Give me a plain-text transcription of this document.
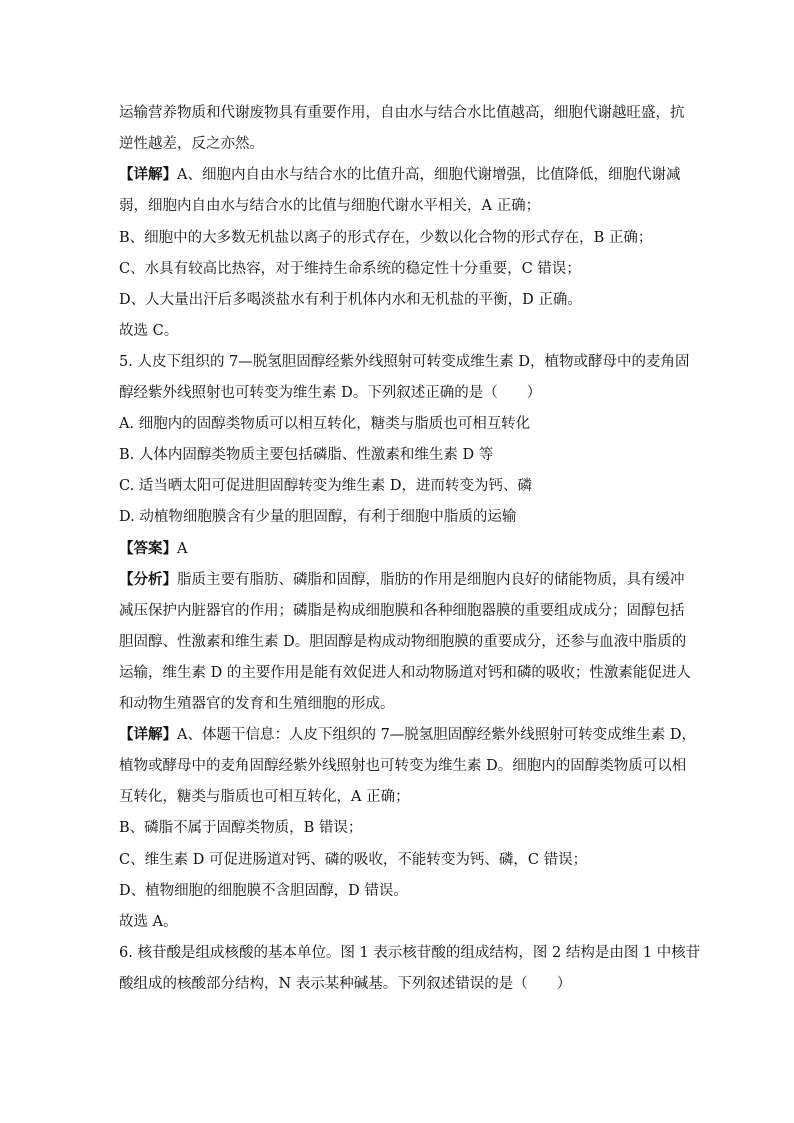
运输营养物质和代谢废物具有重要作用，自由水与结合水比值越高，细胞代谢越旺盛，抗
逆性越差，反之亦然。
【详解】A、细胞内自由水与结合水的比值升高，细胞代谢增强，比值降低，细胞代谢减
弱，细胞内自由水与结合水的比值与细胞代谢水平相关，A 正确；
B、细胞中的大多数无机盐以离子的形式存在，少数以化合物的形式存在，B 正确；
C、水具有较高比热容，对于维持生命系统的稳定性十分重要，C 错误；
D、人大量出汗后多喝淡盐水有利于机体内水和无机盐的平衡，D 正确。
故选 C。
5. 人皮下组织的 7—脱氢胆固醇经紫外线照射可转变成维生素 D，植物或酵母中的麦角固
醇经紫外线照射也可转变为维生素 D。下列叙述正确的是（　　）
A. 细胞内的固醇类物质可以相互转化，糖类与脂质也可相互转化
B. 人体内固醇类物质主要包括磷脂、性激素和维生素 D 等
C. 适当晒太阳可促进胆固醇转变为维生素 D，进而转变为钙、磷
D. 动植物细胞膜含有少量的胆固醇，有利于细胞中脂质的运输
【答案】A
【分析】脂质主要有脂肪、磷脂和固醇，脂肪的作用是细胞内良好的储能物质，具有缓冲
减压保护内脏器官的作用；磷脂是构成细胞膜和各种细胞器膜的重要组成成分；固醇包括
胆固醇、性激素和维生素 D。胆固醇是构成动物细胞膜的重要成分，还参与血液中脂质的
运输，维生素 D 的主要作用是能有效促进人和动物肠道对钙和磷的吸收；性激素能促进人
和动物生殖器官的发育和生殖细胞的形成。
【详解】A、体题干信息：人皮下组织的 7—脱氢胆固醇经紫外线照射可转变成维生素 D，
植物或酵母中的麦角固醇经紫外线照射也可转变为维生素 D。细胞内的固醇类物质可以相
互转化，糖类与脂质也可相互转化，A 正确；
B、磷脂不属于固醇类物质，B 错误；
C、维生素 D 可促进肠道对钙、磷的吸收，不能转变为钙、磷，C 错误；
D、植物细胞的细胞膜不含胆固醇，D 错误。
故选 A。
6. 核苷酸是组成核酸的基本单位。图 1 表示核苷酸的组成结构，图 2 结构是由图 1 中核苷
酸组成的核酸部分结构，N 表示某种碱基。下列叙述错误的是（　　）
